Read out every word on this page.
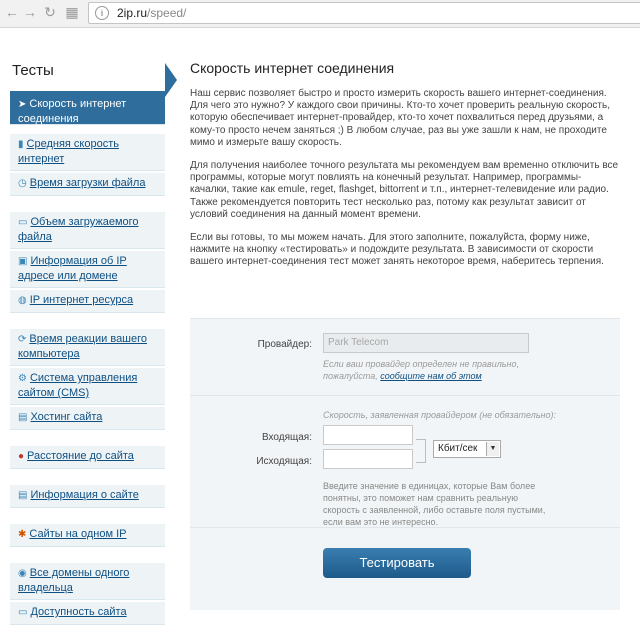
← → ↻ ▦	i	2ip.ru/speed/
Тесты
➤ Скорость интернет соединения
▮ Средняя скорость интернет
◷ Время загрузки файла
▭ Объем загружаемого файла
▣ Информация об IP адресе или домене
◍ IP интернет ресурса
⟳ Время реакции вашего компьютера
⚙ Система управления сайтом (CMS)
▤ Хостинг сайта
● Расстояние до сайта
▤ Информация о сайте
✱ Сайты на одном IP
◉ Все домены одного владельца
▭ Доступность сайта
Скорость интернет соединения

Наш сервис позволяет быстро и просто измерить скорость вашего интернет-соединения. Для чего это нужно? У каждого свои причины. Кто-то хочет проверить реальную скорость, которую обеспечивает интернет-провайдер, кто-то хочет похвалиться перед друзьями, а кому-то просто нечем заняться ;) В любом случае, раз вы уже зашли к нам, не проходите мимо и измерьте вашу скорость.

Для получения наиболее точного результата мы рекомендуем вам временно отключить все программы, которые могут повлиять на конечный результат. Например, программы-качалки, такие как emule, reget, flashget, bittorrent и т.п., интернет-телевидение или радио. Также рекомендуется повторить тест несколько раз, потому как результат зависит от условий соединения на данный момент времени.

Если вы готовы, то мы можем начать. Для этого заполните, пожалуйста, форму ниже, нажмите на кнопку «тестировать» и подождите результата. В зависимости от скорости вашего интернет-соединения тест может занять некоторое время, наберитесь терпения.

Провайдер:	Park Telecom
Если ваш провайдер определен не правильно, пожалуйста, сообщите нам об этом
Скорость, заявленная провайдером (не обязательно):
Входящая:
Исходящая:
Кбит/сек	▼
Введите значение в единицах, которые Вам более понятны, это поможет нам сравнить реальную скорость с заявленной, либо оставьте поля пустыми, если вам это не интересно.
Тестировать
